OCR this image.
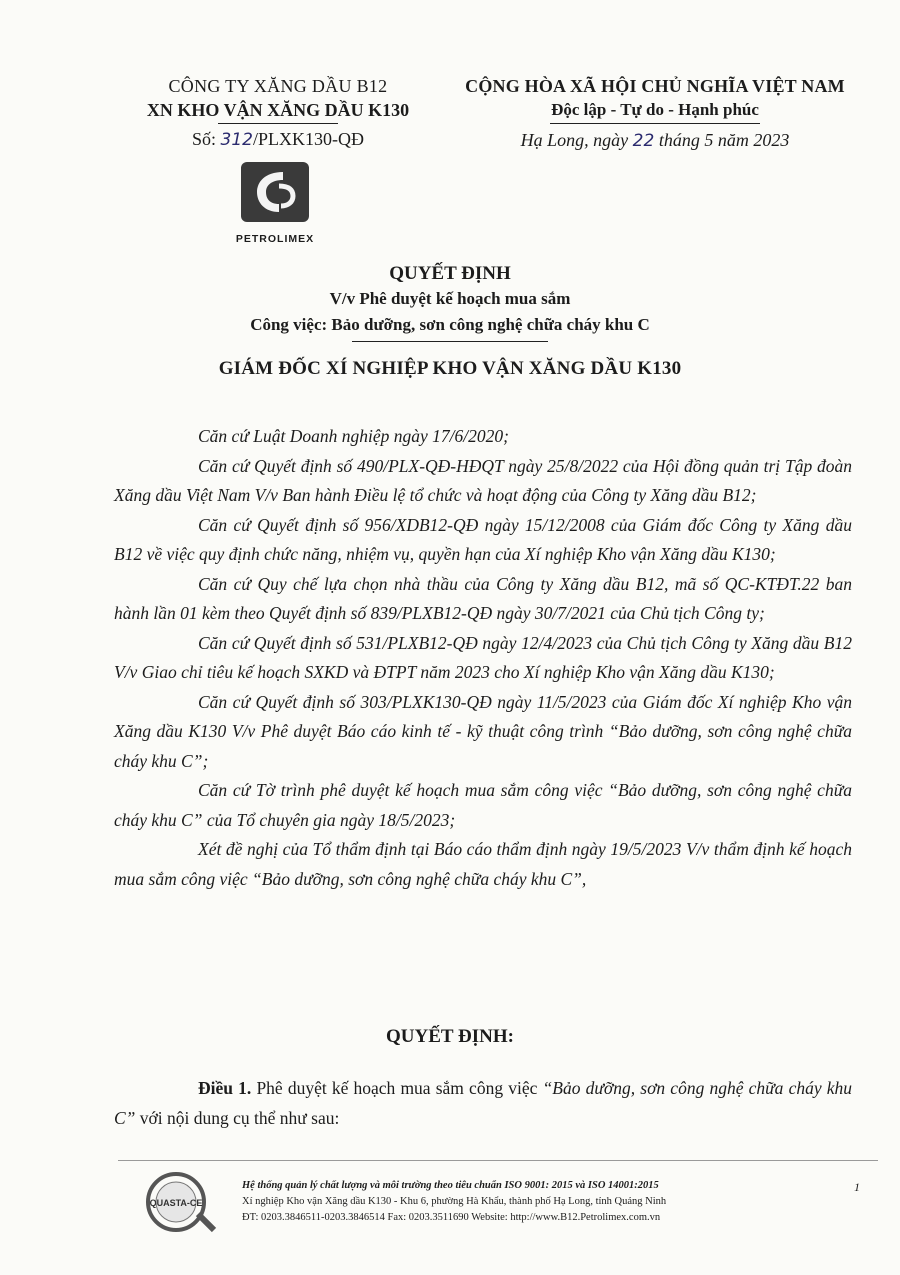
CÔNG TY XĂNG DẦU B12
XN KHO VẬN XĂNG DẦU K130
Số: 312/PLXK130-QĐ
CỘNG HÒA XÃ HỘI CHỦ NGHĨA VIỆT NAM
Độc lập - Tự do - Hạnh phúc
Hạ Long, ngày 22 tháng 5 năm 2023
PETROLIMEX
QUYẾT ĐỊNH
V/v Phê duyệt kế hoạch mua sắm
Công việc: Bảo dưỡng, sơn công nghệ chữa cháy khu C
GIÁM ĐỐC XÍ NGHIỆP KHO VẬN XĂNG DẦU K130

Căn cứ Luật Doanh nghiệp ngày 17/6/2020;

Căn cứ Quyết định số 490/PLX-QĐ-HĐQT ngày 25/8/2022 của Hội đồng quản trị Tập đoàn Xăng dầu Việt Nam V/v Ban hành Điều lệ tổ chức và hoạt động của Công ty Xăng dầu B12;

Căn cứ Quyết định số 956/XDB12-QĐ ngày 15/12/2008 của Giám đốc Công ty Xăng dầu B12 về việc quy định chức năng, nhiệm vụ, quyền hạn của Xí nghiệp Kho vận Xăng dầu K130;

Căn cứ Quy chế lựa chọn nhà thầu của Công ty Xăng dầu B12, mã số QC-KTĐT.22 ban hành lần 01 kèm theo Quyết định số 839/PLXB12-QĐ ngày 30/7/2021 của Chủ tịch Công ty;

Căn cứ Quyết định số 531/PLXB12-QĐ ngày 12/4/2023 của Chủ tịch Công ty Xăng dầu B12 V/v Giao chỉ tiêu kế hoạch SXKD và ĐTPT năm 2023 cho Xí nghiệp Kho vận Xăng dầu K130;

Căn cứ Quyết định số 303/PLXK130-QĐ ngày 11/5/2023 của Giám đốc Xí nghiệp Kho vận Xăng dầu K130 V/v Phê duyệt Báo cáo kinh tế - kỹ thuật công trình “Bảo dưỡng, sơn công nghệ chữa cháy khu C”;

Căn cứ Tờ trình phê duyệt kế hoạch mua sắm công việc “Bảo dưỡng, sơn công nghệ chữa cháy khu C” của Tổ chuyên gia ngày 18/5/2023;

Xét đề nghị của Tổ thẩm định tại Báo cáo thẩm định ngày 19/5/2023 V/v thẩm định kế hoạch mua sắm công việc “Bảo dưỡng, sơn công nghệ chữa cháy khu C”,

QUYẾT ĐỊNH:

Điều 1. Phê duyệt kế hoạch mua sắm công việc “Bảo dưỡng, sơn công nghệ chữa cháy khu C” với nội dung cụ thể như sau:

QUASTA-CE
Hệ thống quản lý chất lượng và môi trường theo tiêu chuẩn ISO 9001: 2015 và ISO 14001:2015
Xí nghiệp Kho vận Xăng dầu K130 - Khu 6, phường Hà Khẩu, thành phố Hạ Long, tỉnh Quảng Ninh
ĐT: 0203.3846511-0203.3846514 Fax: 0203.3511690 Website: http://www.B12.Petrolimex.com.vn
1
